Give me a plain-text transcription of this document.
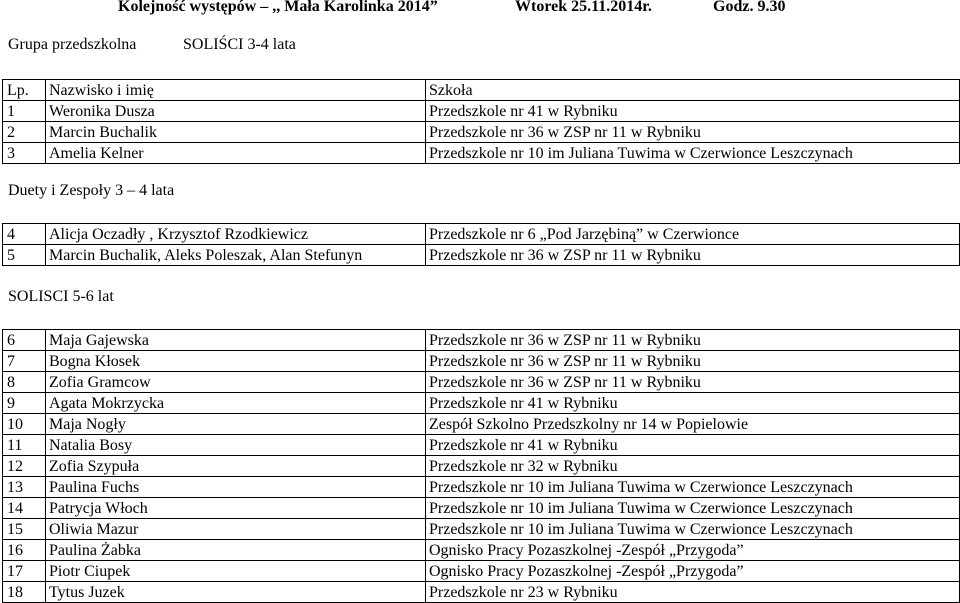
Kolejność występów – ,, Mała Karolinka 2014”	Wtorek 25.11.2014r.	Godz. 9.30
Grupa przedszkolna	SOLIŚCI 3-4 lata
Lp.	Nazwisko i imię	Szkoła
1	Weronika Dusza	Przedszkole nr 41 w Rybniku
2	Marcin Buchalik	Przedszkole nr 36 w ZSP nr 11 w Rybniku
3	Amelia Kelner	Przedszkole nr 10 im Juliana Tuwima w Czerwionce Leszczynach
Duety i Zespoły 3 – 4 lata
4	Alicja Oczadły , Krzysztof Rzodkiewicz	Przedszkole nr 6 „Pod Jarzębiną” w Czerwionce
5	Marcin Buchalik, Aleks Poleszak, Alan Stefunyn	Przedszkole nr 36 w ZSP nr 11 w Rybniku
SOLISCI 5-6 lat
6	Maja Gajewska	Przedszkole nr 36 w ZSP nr 11 w Rybniku
7	Bogna Kłosek	Przedszkole nr 36 w ZSP nr 11 w Rybniku
8	Zofia Gramcow	Przedszkole nr 36 w ZSP nr 11 w Rybniku
9	Agata Mokrzycka	Przedszkole nr 41 w Rybniku
10	Maja Nogły	Zespół Szkolno Przedszkolny nr 14 w Popielowie
11	Natalia Bosy	Przedszkole nr 41 w Rybniku
12	Zofia Szypuła	Przedszkole nr 32 w Rybniku
13	Paulina Fuchs	Przedszkole nr 10 im Juliana Tuwima w Czerwionce Leszczynach
14	Patrycja Włoch	Przedszkole nr 10 im Juliana Tuwima w Czerwionce Leszczynach
15	Oliwia Mazur	Przedszkole nr 10 im Juliana Tuwima w Czerwionce Leszczynach
16	Paulina Żabka	Ognisko Pracy Pozaszkolnej -Zespół „Przygoda”
17	Piotr Ciupek	Ognisko Pracy Pozaszkolnej -Zespół „Przygoda”
18	Tytus Juzek	Przedszkole nr 23 w Rybniku
